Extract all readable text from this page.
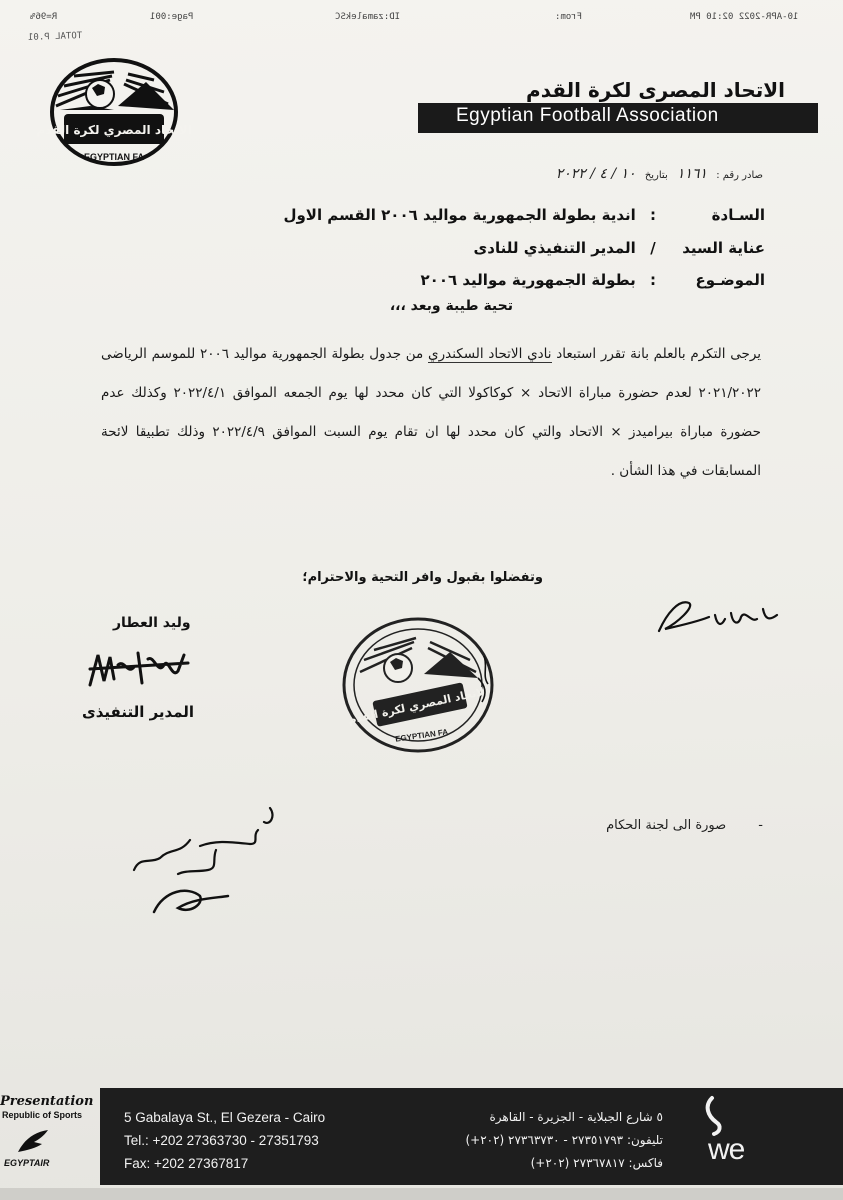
R=96%	Page:001	ID:zamalekSC	From:	10-APR-2022 02:10 PM
TOTAL P.01
الاتحاد المصري لكرة القدم
EGYPTIAN FA
الاتحاد المصرى لكرة القدم
Egyptian Football Association
صادر رقم : ١١٦١ بتاريخ ١٠ / ٤ / ٢٠٢٢
السـادة: اندية بطولة الجمهورية مواليد ٢٠٠٦ القسم الاول
عناية السيد/ المدير التنفيذي للنادى
الموضـوع: بطولة الجمهورية مواليد ٢٠٠٦
تحية طيبة وبعد ،،،
يرجى التكرم بالعلم بانة تقرر استبعاد نادي الاتحاد السكندري من جدول بطولة الجمهورية مواليد ٢٠٠٦ للموسم الرياضى ٢٠٢١/٢٠٢٢ لعدم حضورة مباراة الاتحاد × كوكاكولا التي كان محدد لها يوم الجمعه الموافق ٢٠٢٢/٤/١ وكذلك عدم حضورة مباراة بيراميدز × الاتحاد والتي كان محدد لها ان تقام يوم السبت الموافق ٢٠٢٢/٤/٩ وذلك تطبيقا لائحة المسابقات في هذا الشأن .
وتفضلوا بقبول وافر التحية والاحترام؛
وليد العطار
المدير التنفيذى	الاتحاد المصري لكرة القدم
EGYPTIAN FA
- صورة الى لجنة الحكام
Presentation
Republic of Sports
EGYPTAIR
5 Gabalaya St., El Gezera - Cairo
Tel.: +202 27363730 - 27351793
Fax: +202 27367817
٥ شارع الجبلاية - الجزيرة - القاهرة
تليفون: ٢٧٣٥١٧٩٣ - ٢٧٣٦٣٧٣٠ (٢٠٢+)
فاكس: ٢٧٣٦٧٨١٧ (٢٠٢+) we
